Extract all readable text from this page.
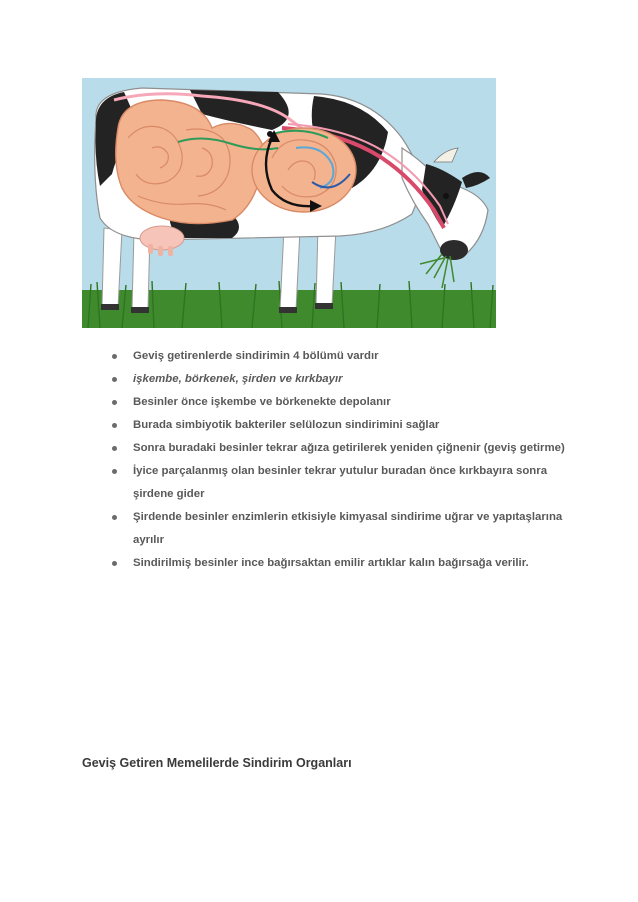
Geviş getirenlerde sindirimin 4 bölümü vardır
işkembe, börkenek, şirden ve kırkbayır
Besinler önce işkembe ve börkenekte depolanır
Burada simbiyotik bakteriler selülozun sindirimini sağlar
Sonra buradaki besinler tekrar ağıza getirilerek yeniden çiğnenir (geviş getirme)
İyice parçalanmış olan besinler tekrar yutulur buradan önce kırkbayıra sonra şirdene gider
Şirdende besinler enzimlerin etkisiyle kimyasal sindirime uğrar ve yapıtaşlarına ayrılır
Sindirilmiş besinler ince bağırsaktan emilir artıklar kalın bağırsağa verilir.
Geviş Getiren Memelilerde Sindirim Organları
